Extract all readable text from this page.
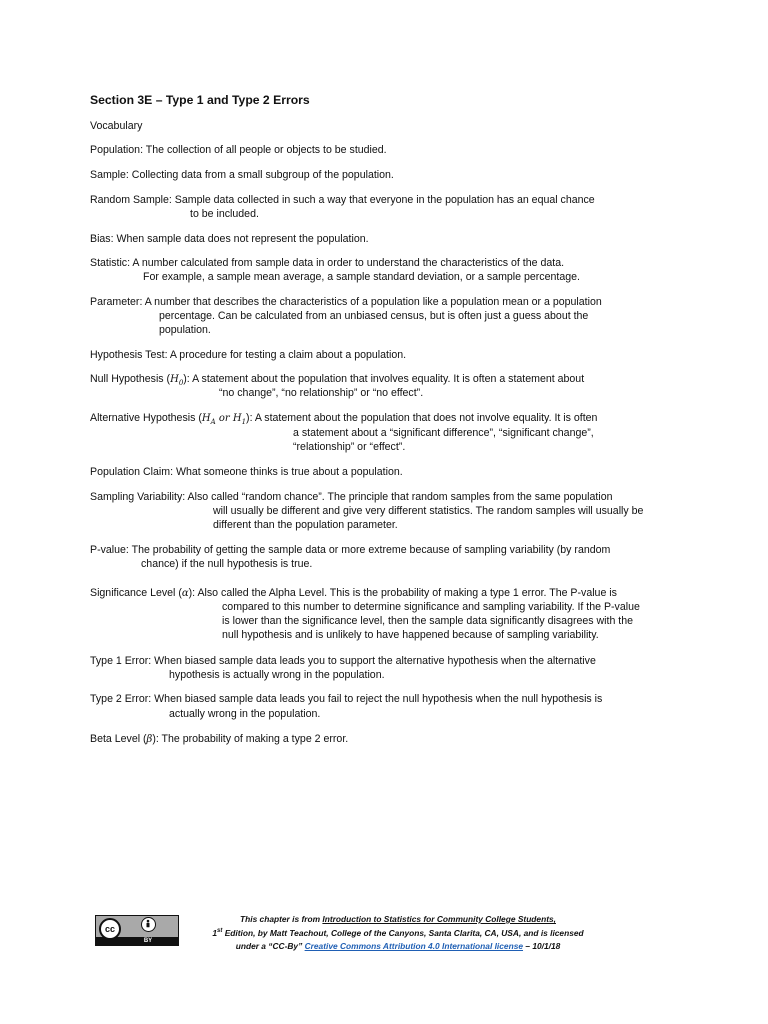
Section 3E – Type 1 and Type 2 Errors
Vocabulary
Population: The collection of all people or objects to be studied.
Sample: Collecting data from a small subgroup of the population.
Random Sample: Sample data collected in such a way that everyone in the population has an equal chance
to be included.
Bias: When sample data does not represent the population.
Statistic: A number calculated from sample data in order to understand the characteristics of the data.
For example, a sample mean average, a sample standard deviation, or a sample percentage.
Parameter: A number that describes the characteristics of a population like a population mean or a population
percentage. Can be calculated from an unbiased census, but is often just a guess about the
population.
Hypothesis Test: A procedure for testing a claim about a population.
Null Hypothesis $(H_0)$: A statement about the population that involves equality. It is often a statement about
“no change”, “no relationship” or “no effect”.
Alternative Hypothesis ($H_A$ or $H_1$): A statement about the population that does not involve equality. It is often
a statement about a “significant difference”, “significant change”,
“relationship” or “effect”.
Population Claim: What someone thinks is true about a population.
Sampling Variability: Also called “random chance”. The principle that random samples from the same population
will usually be different and give very different statistics. The random samples will usually be
different than the population parameter.
P-value: The probability of getting the sample data or more extreme because of sampling variability (by random
chance) if the null hypothesis is true.
Significance Level (α): Also called the Alpha Level. This is the probability of making a type 1 error. The P-value is
compared to this number to determine significance and sampling variability. If the P-value
is lower than the significance level, then the sample data significantly disagrees with the
null hypothesis and is unlikely to have happened because of sampling variability.
Type 1 Error: When biased sample data leads you to support the alternative hypothesis when the alternative
hypothesis is actually wrong in the population.
Type 2 Error: When biased sample data leads you fail to reject the null hypothesis when the null hypothesis is
actually wrong in the population.
Beta Level (β): The probability of making a type 2 error.
cc
BY
This chapter is from Introduction to Statistics for Community College Students,
1st Edition, by Matt Teachout, College of the Canyons, Santa Clarita, CA, USA, and is licensed
under a “CC-By” Creative Commons Attribution 4.0 International license – 10/1/18
